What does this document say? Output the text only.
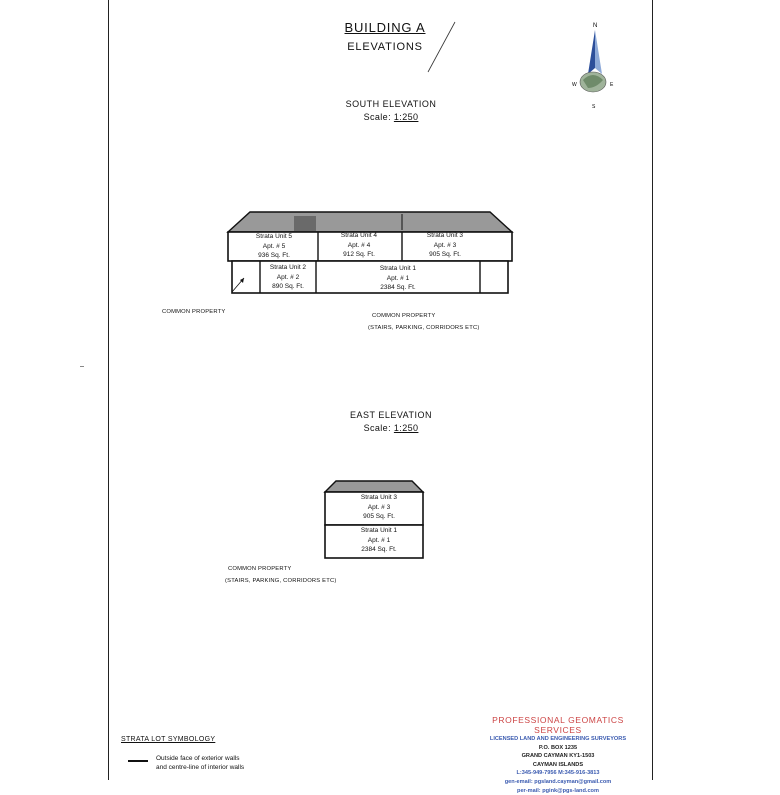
BUILDING A
ELEVATIONS
N
W	E
S
SOUTH ELEVATION
Scale: 1:250
Strata Unit 5
Apt. # 5
936 Sq. Ft.
Strata Unit 4
Apt. # 4
912 Sq. Ft.
Strata Unit 3
Apt. # 3
905 Sq. Ft.
Strata Unit 2
Apt. # 2
890 Sq. Ft.
Strata Unit 1
Apt. # 1
2384 Sq. Ft.
COMMON PROPERTY
COMMON PROPERTY
(STAIRS, PARKING, CORRIDORS ETC)
EAST ELEVATION
Scale: 1:250
Strata Unit 3
Apt. # 3
905 Sq. Ft.
Strata Unit 1
Apt. # 1
2384 Sq. Ft.
COMMON PROPERTY
(STAIRS, PARKING, CORRIDORS ETC)
STRATA LOT SYMBOLOGY
Outside face of exterior walls
and centre-line of interior walls
PROFESSIONAL GEOMATICS SERVICES
LICENSED LAND AND ENGINEERING SURVEYORS
P.O. BOX 1235
GRAND CAYMAN KY1-1503
CAYMAN ISLANDS
L:345-949-7956 M:345-916-3813
gen-email: pgsland.cayman@gmail.com
per-mail: pgink@pgs-land.com
